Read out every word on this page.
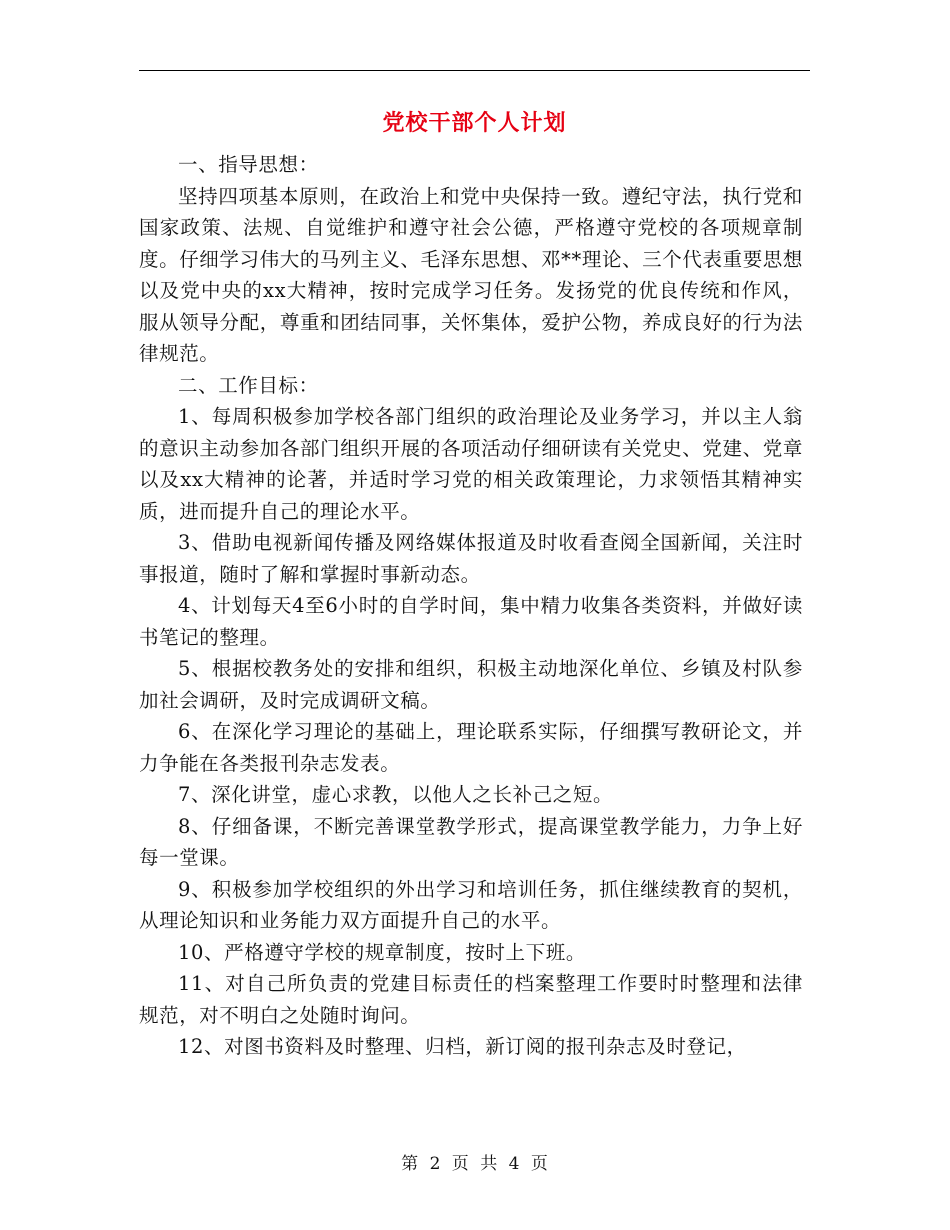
党校干部个人计划

一、指导思想：

坚持四项基本原则，在政治上和党中央保持一致。遵纪守法，执行党和国家政策、法规、自觉维护和遵守社会公德，严格遵守党校的各项规章制度。仔细学习伟大的马列主义、毛泽东思想、邓**理论、三个代表重要思想以及党中央的xx大精神，按时完成学习任务。发扬党的优良传统和作风，服从领导分配，尊重和团结同事，关怀集体，爱护公物，养成良好的行为法律规范。

二、工作目标：

1、每周积极参加学校各部门组织的政治理论及业务学习，并以主人翁的意识主动参加各部门组织开展的各项活动仔细研读有关党史、党建、党章以及xx大精神的论著，并适时学习党的相关政策理论，力求领悟其精神实质，进而提升自己的理论水平。

3、借助电视新闻传播及网络媒体报道及时收看查阅全国新闻，关注时事报道，随时了解和掌握时事新动态。

4、计划每天4至6小时的自学时间，集中精力收集各类资料，并做好读书笔记的整理。

5、根据校教务处的安排和组织，积极主动地深化单位、乡镇及村队参加社会调研，及时完成调研文稿。

6、在深化学习理论的基础上，理论联系实际，仔细撰写教研论文，并力争能在各类报刊杂志发表。

7、深化讲堂，虚心求教，以他人之长补己之短。

8、仔细备课，不断完善课堂教学形式，提高课堂教学能力，力争上好每一堂课。

9、积极参加学校组织的外出学习和培训任务，抓住继续教育的契机，从理论知识和业务能力双方面提升自己的水平。

10、严格遵守学校的规章制度，按时上下班。

11、对自己所负责的党建目标责任的档案整理工作要时时整理和法律规范，对不明白之处随时询问。

12、对图书资料及时整理、归档，新订阅的报刊杂志及时登记，

第 2 页 共 4 页
